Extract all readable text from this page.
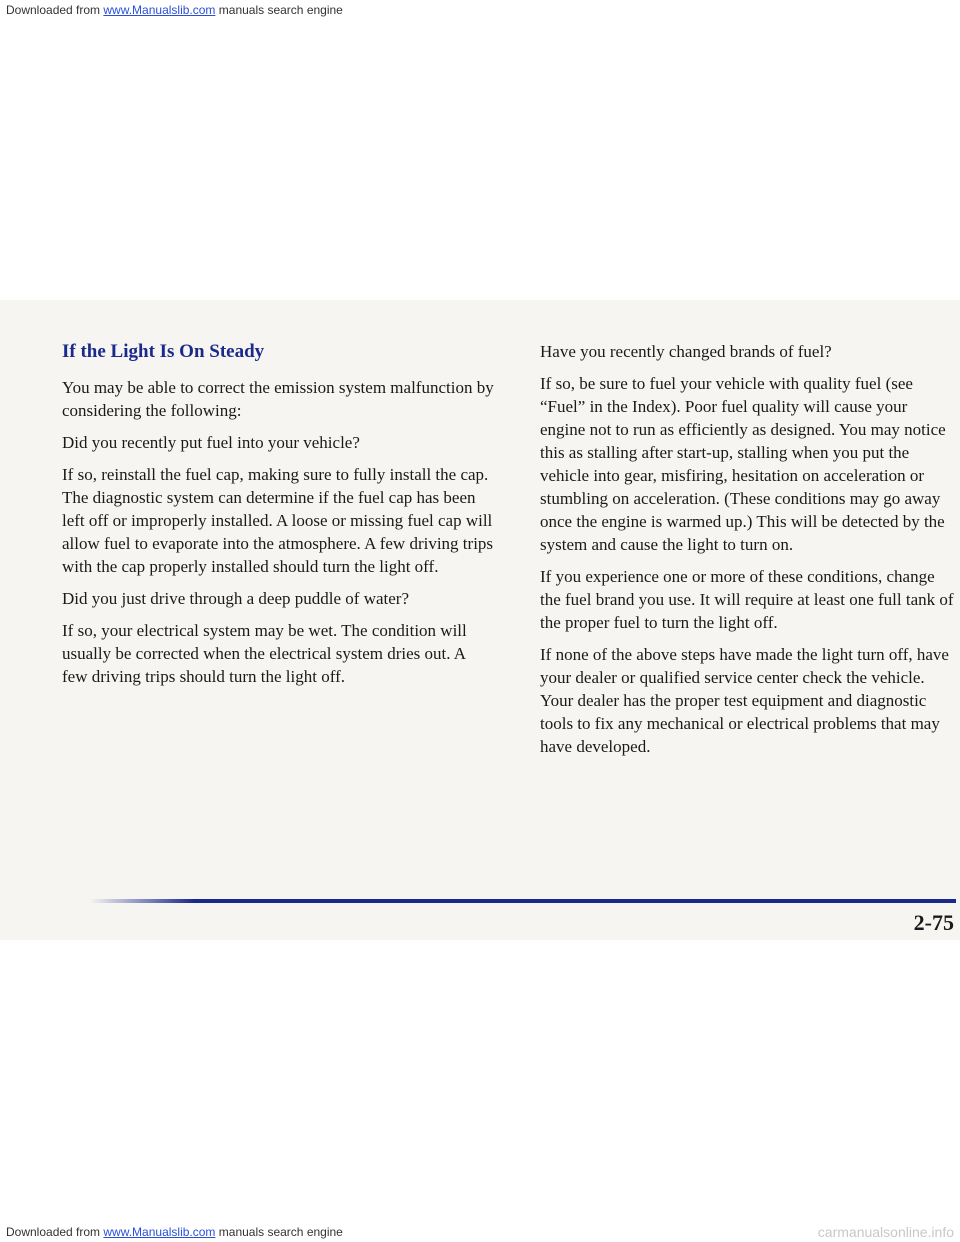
Downloaded from www.Manualslib.com manuals search engine
If the Light Is On Steady

You may be able to correct the emission system malfunction by considering the following:

Did you recently put fuel into your vehicle?

If so, reinstall the fuel cap, making sure to fully install the cap. The diagnostic system can determine if the fuel cap has been left off or improperly installed. A loose or missing fuel cap will allow fuel to evaporate into the atmosphere. A few driving trips with the cap properly installed should turn the light off.

Did you just drive through a deep puddle of water?

If so, your electrical system may be wet. The condition will usually be corrected when the electrical system dries out. A few driving trips should turn the light off.

Have you recently changed brands of fuel?

If so, be sure to fuel your vehicle with quality fuel (see “Fuel” in the Index). Poor fuel quality will cause your engine not to run as efficiently as designed. You may notice this as stalling after start-up, stalling when you put the vehicle into gear, misfiring, hesitation on acceleration or stumbling on acceleration. (These conditions may go away once the engine is warmed up.) This will be detected by the system and cause the light to turn on.

If you experience one or more of these conditions, change the fuel brand you use. It will require at least one full tank of the proper fuel to turn the light off.

If none of the above steps have made the light turn off, have your dealer or qualified service center check the vehicle. Your dealer has the proper test equipment and diagnostic tools to fix any mechanical or electrical problems that may have developed.

2-75
Downloaded from www.Manualslib.com manuals search engine	carmanualsonline.info
